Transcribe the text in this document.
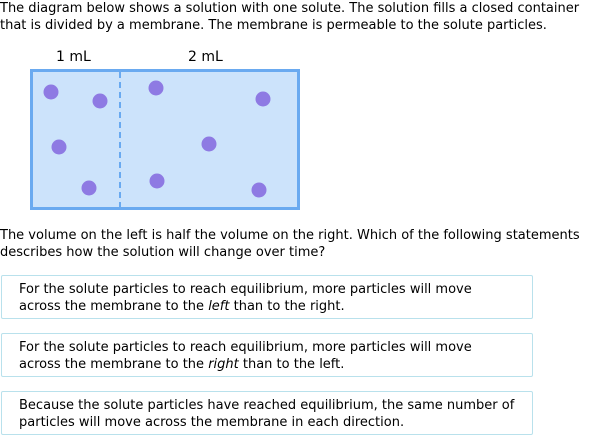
The diagram below shows a solution with one solute. The solution fills a closed container that is divided by a membrane. The membrane is permeable to the solute particles.

1 mL	2 mL

The volume on the left is half the volume on the right. Which of the following statements describes how the solution will change over time?

For the solute particles to reach equilibrium, more particles will move across the membrane to the left than to the right.
For the solute particles to reach equilibrium, more particles will move across the membrane to the right than to the left.
Because the solute particles have reached equilibrium, the same number of particles will move across the membrane in each direction.
